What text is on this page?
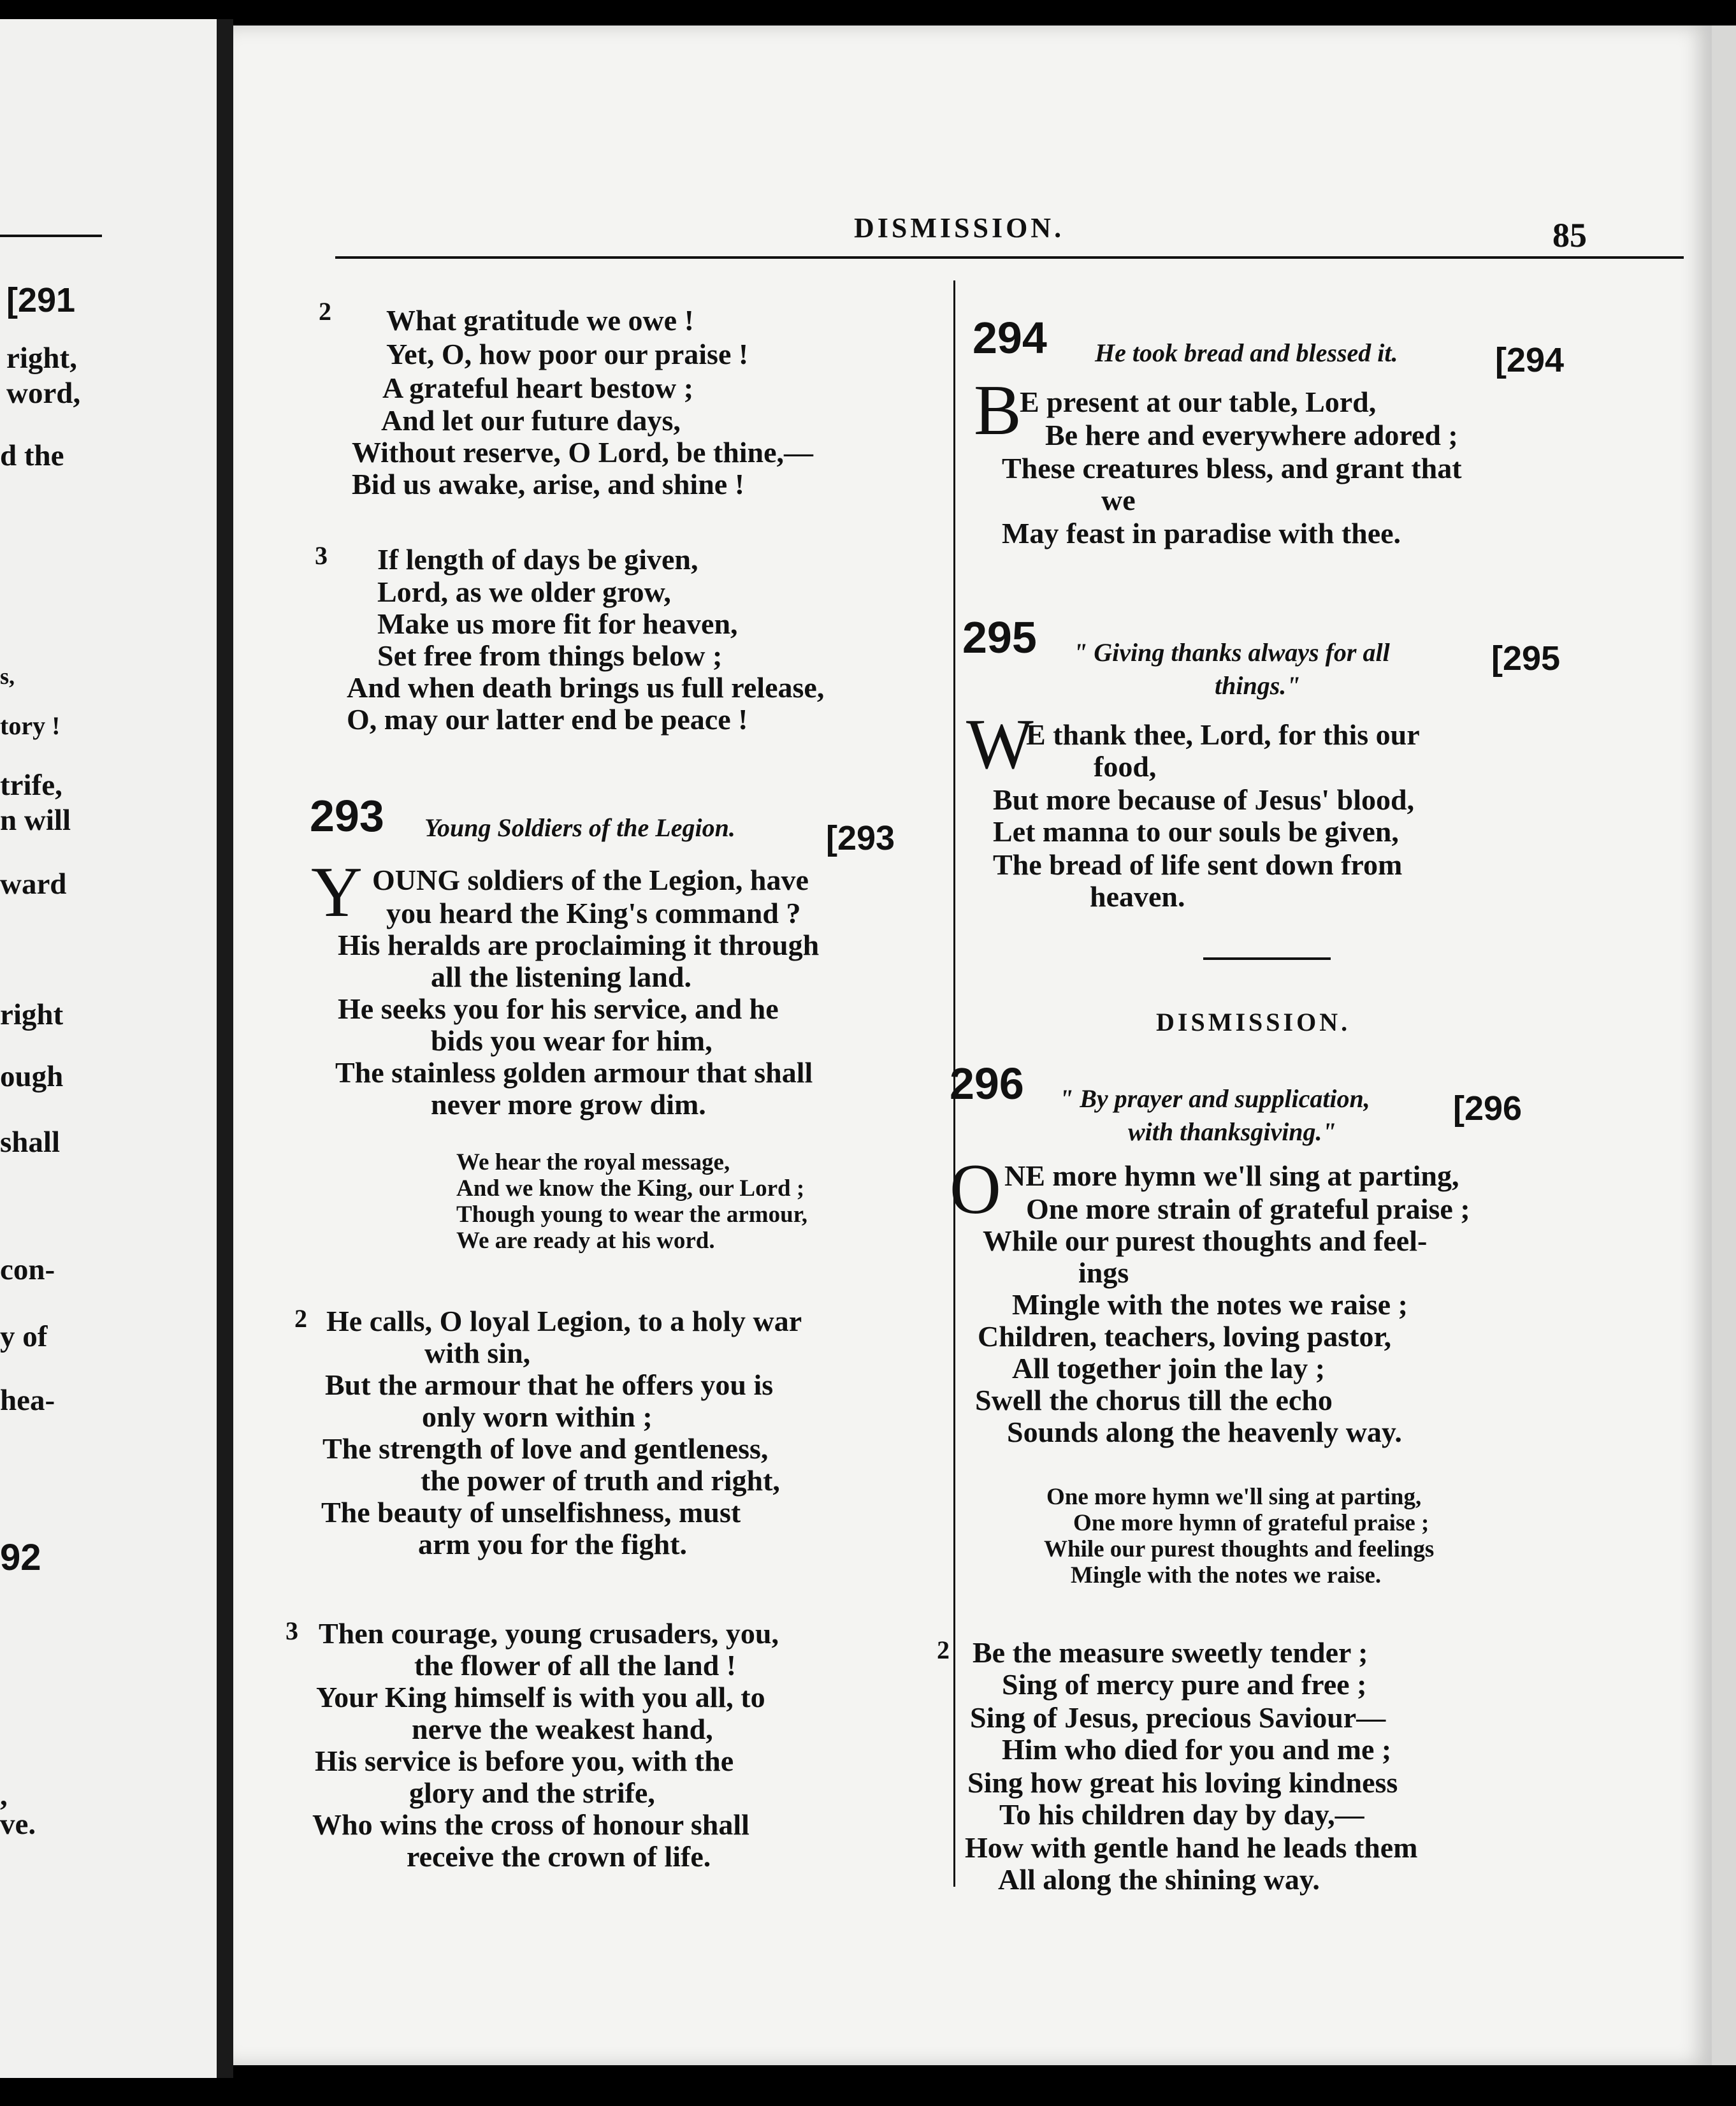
[291
right,
word,
d the
s,
tory !
trife,
n will
ward
right
ough
shall
con-
y of
hea-
92
,
ve.
DISMISSION.	85
2 What gratitude we owe !
Yet, O, how poor our praise !
A grateful heart bestow ;
And let our future days,
Without reserve, O Lord, be thine,—
Bid us awake, arise, and shine !
3 If length of days be given,
Lord, as we older grow,
Make us more fit for heaven,
Set free from things below ;
And when death brings us full release,
O, may our latter end be peace !
293 Young Soldiers of the Legion.	[293
Y OUNG soldiers of the Legion, have
you heard the King's command ?
His heralds are proclaiming it through
all the listening land.
He seeks you for his service, and he
bids you wear for him,
The stainless golden armour that shall
never more grow dim.
We hear the royal message,
And we know the King, our Lord ;
Though young to wear the armour,
We are ready at his word.
2 He calls, O loyal Legion, to a holy war
with sin,
But the armour that he offers you is
only worn within ;
The strength of love and gentleness,
the power of truth and right,
The beauty of unselfishness, must
arm you for the fight.
3 Then courage, young crusaders, you,
the flower of all the land !
Your King himself is with you all, to
nerve the weakest hand,
His service is before you, with the
glory and the strife,
Who wins the cross of honour shall
receive the crown of life.
294 He took bread and blessed it.	[294
B
E present at our table, Lord,
Be here and everywhere adored ;
These creatures bless, and grant that
we
May feast in paradise with thee.
295 " Giving thanks always for all
things."
[295
W
E thank thee, Lord, for this our
food,
But more because of Jesus' blood,
Let manna to our souls be given,
The bread of life sent down from
heaven.
DISMISSION.
296 " By prayer and supplication,
with thanksgiving."
[296
O NE more hymn we'll sing at parting,
One more strain of grateful praise ;
While our purest thoughts and feel-
ings
Mingle with the notes we raise ;
Children, teachers, loving pastor,
All together join the lay ;
Swell the chorus till the echo
Sounds along the heavenly way.
One more hymn we'll sing at parting,
One more hymn of grateful praise ;
While our purest thoughts and feelings
Mingle with the notes we raise.
2 Be the measure sweetly tender ;
Sing of mercy pure and free ;
Sing of Jesus, precious Saviour—
Him who died for you and me ;
Sing how great his loving kindness
To his children day by day,—
How with gentle hand he leads them
All along the shining way.
